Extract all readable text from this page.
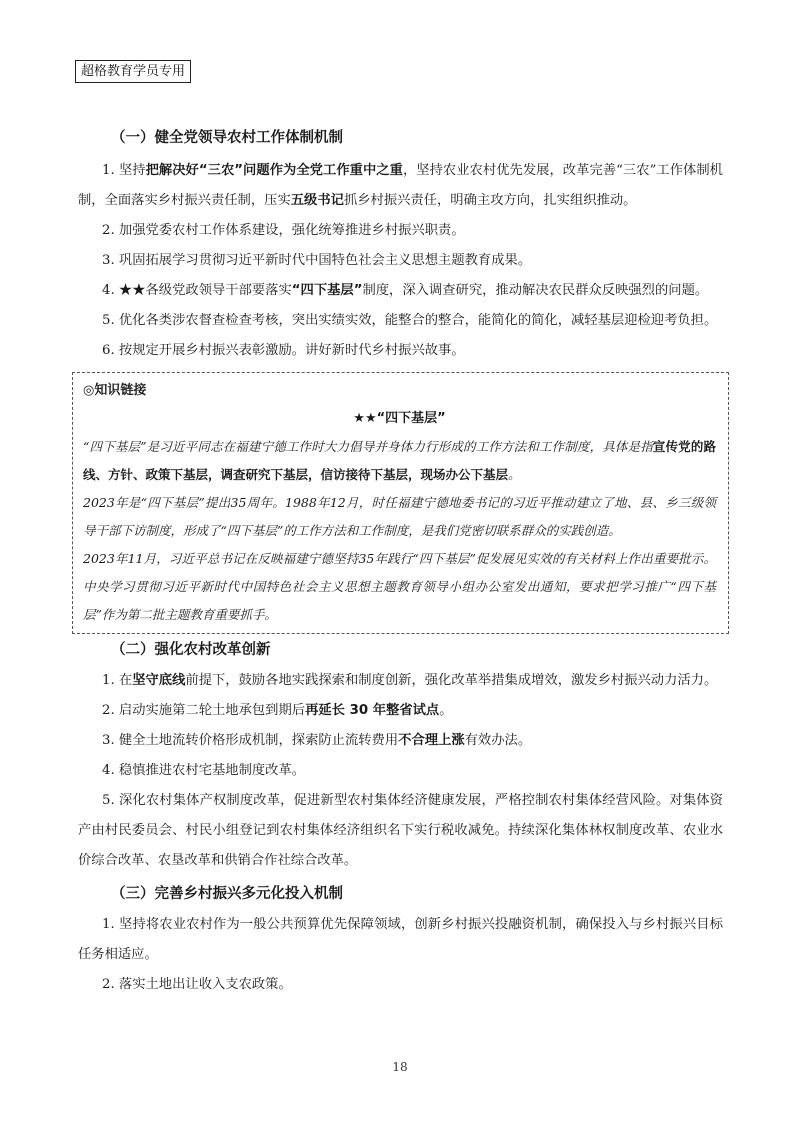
超格教育学员专用
（一）健全党领导农村工作体制机制

1. 坚持把解决好“三农”问题作为全党工作重中之重，坚持农业农村优先发展，改革完善“三农”工作体制机制，全面落实乡村振兴责任制，压实五级书记抓乡村振兴责任，明确主攻方向，扎实组织推动。

2. 加强党委农村工作体系建设，强化统筹推进乡村振兴职责。

3. 巩固拓展学习贯彻习近平新时代中国特色社会主义思想主题教育成果。

4. ★★各级党政领导干部要落实“四下基层”制度，深入调查研究，推动解决农民群众反映强烈的问题。

5. 优化各类涉农督查检查考核，突出实绩实效，能整合的整合，能简化的简化，减轻基层迎检迎考负担。

6. 按规定开展乡村振兴表彰激励。讲好新时代乡村振兴故事。

◎知识链接
★★“四下基层”

“四下基层”是习近平同志在福建宁德工作时大力倡导并身体力行形成的工作方法和工作制度，具体是指宣传党的路线、方针、政策下基层，调查研究下基层，信访接待下基层，现场办公下基层。

2023年是“四下基层”提出35周年。1988年12月，时任福建宁德地委书记的习近平推动建立了地、县、乡三级领导干部下访制度，形成了“四下基层”的工作方法和工作制度，是我们党密切联系群众的实践创造。

2023年11月，习近平总书记在反映福建宁德坚持35年践行“四下基层”促发展见实效的有关材料上作出重要批示。中央学习贯彻习近平新时代中国特色社会主义思想主题教育领导小组办公室发出通知，要求把学习推广“四下基层”作为第二批主题教育重要抓手。

（二）强化农村改革创新

1. 在坚守底线前提下，鼓励各地实践探索和制度创新，强化改革举措集成增效，激发乡村振兴动力活力。

2. 启动实施第二轮土地承包到期后再延长 30 年整省试点。

3. 健全土地流转价格形成机制，探索防止流转费用不合理上涨有效办法。

4. 稳慎推进农村宅基地制度改革。

5. 深化农村集体产权制度改革，促进新型农村集体经济健康发展，严格控制农村集体经营风险。对集体资产由村民委员会、村民小组登记到农村集体经济组织名下实行税收减免。持续深化集体林权制度改革、农业水价综合改革、农垦改革和供销合作社综合改革。

（三）完善乡村振兴多元化投入机制

1. 坚持将农业农村作为一般公共预算优先保障领域，创新乡村振兴投融资机制，确保投入与乡村振兴目标任务相适应。

2. 落实土地出让收入支农政策。

18
